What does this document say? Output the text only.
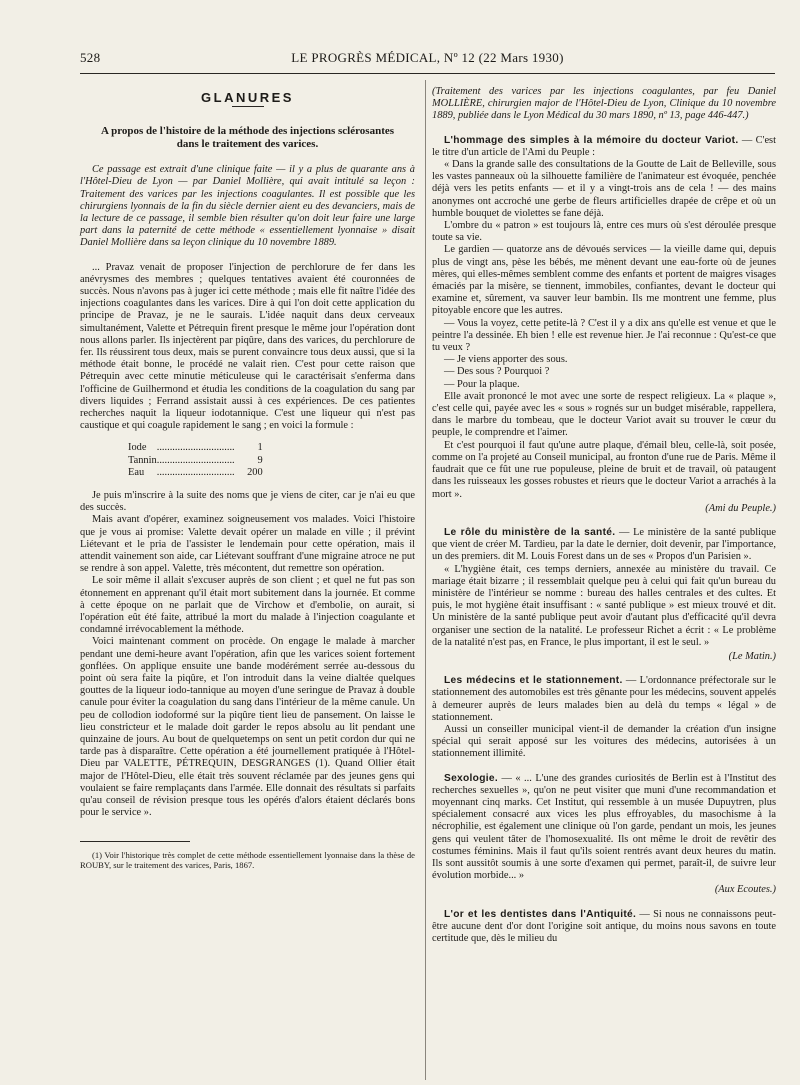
528	LE PROGRÈS MÉDICAL, Nº 12 (22 Mars 1930)
GLANURES
A propos de l'histoire de la méthode des injections sclérosantes dans le traitement des varices.

Ce passage est extrait d'une clinique faite — il y a plus de quarante ans à l'Hôtel-Dieu de Lyon — par Daniel Mollière, qui avait intitulé sa leçon : Traitement des varices par les injections coagulantes. Il est possible que les chirurgiens lyonnais de la fin du siècle dernier aient eu des devanciers, mais de la lecture de ce passage, il semble bien résulter qu'on doit leur faire une large part dans la paternité de cette méthode « essentiellement lyonnaise » disait Daniel Mollière dans sa leçon clinique du 10 novembre 1889.

... Pravaz venait de proposer l'injection de perchlorure de fer dans les anévrysmes des membres ; quelques tentatives avaient été couronnées de succès. Nous n'avons pas à juger ici cette méthode ; mais elle fit naître l'idée des injections coagulantes dans les varices. Dire à qui l'on doit cette application du principe de Pravaz, je ne le saurais. L'idée naquit dans deux cerveaux simultanément, Valette et Pétrequin firent presque le même jour l'opération dont nous allons parler. Ils injectèrent par piqûre, dans des varices, du perchlorure de fer. Ils réussirent tous deux, mais se purent convaincre tous deux aussi, que si la méthode était bonne, le procédé ne valait rien. C'est pour cette raison que Pétrequin avec cette minutie méticuleuse qui le caractérisait s'enferma dans l'officine de Guilhermond et étudia les conditions de la coagulation du sang par divers liquides ; Ferrand assistait aussi à ces expériences. De ces patientes recherches naquit la liqueur iodotannique. C'est une liqueur qui n'est pas caustique et qui coagule rapidement le sang ; en voici la formule :

Iode	..............................	1
Tannin	..............................	9
Eau	..............................	200

Je puis m'inscrire à la suite des noms que je viens de citer, car je n'ai eu que des succès.

Mais avant d'opérer, examinez soigneusement vos malades. Voici l'histoire que je vous ai promise: Valette devait opérer un malade en ville ; il prévint Liétevant et le pria de l'assister le lendemain pour cette opération, mais il attendit vainement son aide, car Liétevant souffrant d'une migraine atroce ne put se rendre à son appel. Valette, très mécontent, dut remettre son opération.

Le soir même il allait s'excuser auprès de son client ; et quel ne fut pas son étonnement en apprenant qu'il était mort subitement dans la journée. Et comme à cette époque on ne parlait que de Virchow et d'embolie, on aurait, si l'opération eût été faite, attribué la mort du malade à l'injection coagulante et condamné irrévocablement la méthode.

Voici maintenant comment on procède. On engage le malade à marcher pendant une demi-heure avant l'opération, afin que les varices soient fortement gonflées. On applique ensuite une bande modérément serrée au-dessous du point où sera faite la piqûre, et l'on introduit dans la veine dialtée quelques gouttes de la liqueur iodo-tannique au moyen d'une seringue de Pravaz à double canule pour éviter la coagulation du sang dans l'intérieur de la même canule. Un peu de collodion iodoformé sur la piqûre tient lieu de pansement. On laisse le lieu constricteur et le malade doit garder le repos absolu au lit pendant une quinzaine de jours. Au bout de quelquetemps on sent un petit cordon dur qui ne tarde pas à disparaître. Cette opération a été journellement pratiquée à l'Hôtel-Dieu par VALETTE, PÉTREQUIN, DESGRANGES (1). Quand Ollier était major de l'Hôtel-Dieu, elle était très souvent réclamée par des jeunes gens qui voulaient se faire remplaçants dans l'armée. Elle donnait des résultats si parfaits qu'au conseil de révision presque tous les opérés d'alors étaient déclarés bons pour le service ».

(1) Voir l'historique très complet de cette méthode essentiellement lyonnaise dans la thèse de ROUBY, sur le traitement des varices, Paris, 1867.

(Traitement des varices par les injections coagulantes, par feu Daniel MOLLIÈRE, chirurgien major de l'Hôtel-Dieu de Lyon, Clinique du 10 novembre 1889, publiée dans le Lyon Médical du 30 mars 1890, nº 13, page 446-447.)

L'hommage des simples à la mémoire du docteur Variot. — C'est le titre d'un article de l'Ami du Peuple :

« Dans la grande salle des consultations de la Goutte de Lait de Belleville, sous les vastes panneaux où la silhouette familière de l'animateur est évoquée, penchée déjà vers les petits enfants — et il y a vingt-trois ans de cela ! — des mains anonymes ont accroché une gerbe de fleurs artificielles drapée de crêpe et où un humble bouquet de violettes se fane déjà.

L'ombre du « patron » est toujours là, entre ces murs où s'est déroulée presque toute sa vie.

Le gardien — quatorze ans de dévoués services — la vieille dame qui, depuis plus de vingt ans, pèse les bébés, me mènent devant une eau-forte où de jeunes mères, qui elles-mêmes semblent comme des enfants et portent de maigres visages émaciés par la misère, se tiennent, immobiles, confiantes, devant le docteur qui examine et, sûrement, va sauver leur bambin. Ils me montrent une femme, plus pitoyable encore que les autres.

— Vous la voyez, cette petite-là ? C'est il y a dix ans qu'elle est venue et que le peintre l'a dessinée. Eh bien ! elle est revenue hier. Je l'ai reconnue : Qu'est-ce que tu veux ?

— Je viens apporter des sous.

— Des sous ? Pourquoi ?

— Pour la plaque.

Elle avait prononcé le mot avec une sorte de respect religieux. La « plaque », c'est celle qui, payée avec les « sous » rognés sur un budget misérable, rappellera, dans le marbre du tombeau, que le docteur Variot avait su trouver le cœur du peuple, le comprendre et l'aimer.

Et c'est pourquoi il faut qu'une autre plaque, d'émail bleu, celle-là, soit posée, comme on l'a projeté au Conseil municipal, au fronton d'une rue de Paris. Même il faudrait que ce fût une rue populeuse, pleine de bruit et de travail, où pataugent dans les ruisseaux les gosses robustes et rieurs que le docteur Variot a arrachés à la mort ».

(Ami du Peuple.)

Le rôle du ministère de la santé. — Le ministère de la santé publique que vient de créer M. Tardieu, par la date le dernier, doit devenir, par l'importance, un des premiers. dit M. Louis Forest dans un de ses « Propos d'un Parisien ».

« L'hygiène était, ces temps derniers, annexée au ministère du travail. Ce mariage était bizarre ; il ressemblait quelque peu à celui qui fait qu'un bureau du ministère de l'intérieur se nomme : bureau des halles centrales et des cultes. Et puis, le mot hygiène était insuffisant : « santé publique » est mieux trouvé et dit. Un ministère de la santé publique peut avoir d'autant plus d'efficacité qu'il devra organiser une section de la natalité. Le professeur Richet a écrit : « Le problème de la natalité n'est pas, en France, le plus important, il est le seul. »

(Le Matin.)

Les médecins et le stationnement. — L'ordonnance préfectorale sur le stationnement des automobiles est très gênante pour les médecins, souvent appelés à demeurer auprès de leurs malades bien au delà du temps « légal » de stationnement.

Aussi un conseiller municipal vient-il de demander la création d'un insigne spécial qui serait apposé sur les voitures des médecins, autorisées à un stationnement illimité.

Sexologie. — « ... L'une des grandes curiosités de Berlin est à l'Institut des recherches sexuelles », qu'on ne peut visiter que muni d'une recommandation et moyennant cinq marks. Cet Institut, qui ressemble à un musée Dupuytren, plus spécialement consacré aux vices les plus effroyables, du masochisme à la nécrophilie, est également une clinique où l'on garde, pendant un mois, les jeunes gens qui veulent tâter de l'homosexualité. Ils ont même le droit de revêtir des costumes féminins. Mais il faut qu'ils soient rentrés avant deux heures du matin. Ils sont aussitôt soumis à une sorte d'examen qui permet, paraît-il, de suivre leur évolution morbide... »

(Aux Ecoutes.)

L'or et les dentistes dans l'Antiquité. — Si nous ne connaissons peut-être aucune dent d'or dont l'origine soit antique, du moins nous savons en toute certitude que, dès le milieu du
